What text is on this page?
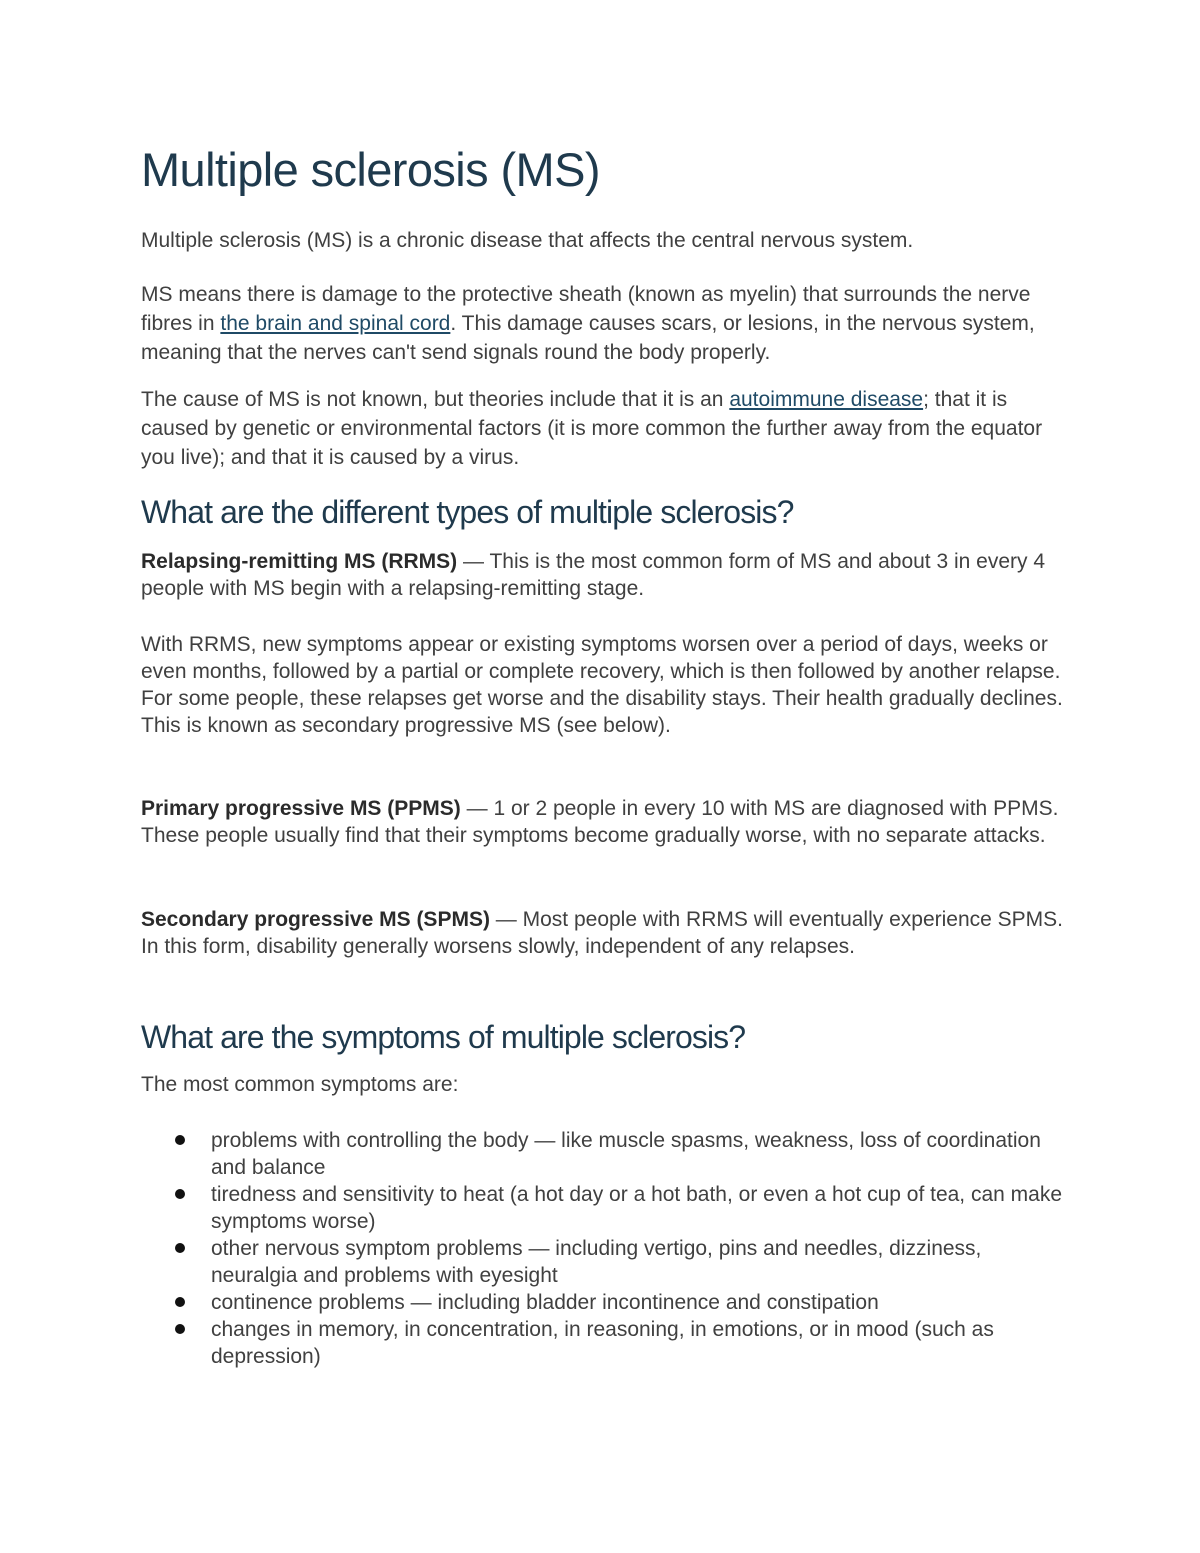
Multiple sclerosis (MS)

Multiple sclerosis (MS) is a chronic disease that affects the central nervous system.

MS means there is damage to the protective sheath (known as myelin) that surrounds the nerve fibres in the brain and spinal cord. This damage causes scars, or lesions, in the nervous system, meaning that the nerves can't send signals round the body properly.

The cause of MS is not known, but theories include that it is an autoimmune disease; that it is caused by genetic or environmental factors (it is more common the further away from the equator you live); and that it is caused by a virus.

What are the different types of multiple sclerosis?

Relapsing-remitting MS (RRMS) — This is the most common form of MS and about 3 in every 4 people with MS begin with a relapsing-remitting stage.

With RRMS, new symptoms appear or existing symptoms worsen over a period of days, weeks or even months, followed by a partial or complete recovery, which is then followed by another relapse. For some people, these relapses get worse and the disability stays. Their health gradually declines. This is known as secondary progressive MS (see below).

Primary progressive MS (PPMS) — 1 or 2 people in every 10 with MS are diagnosed with PPMS. These people usually find that their symptoms become gradually worse, with no separate attacks.

Secondary progressive MS (SPMS) — Most people with RRMS will eventually experience SPMS. In this form, disability generally worsens slowly, independent of any relapses.

What are the symptoms of multiple sclerosis?

The most common symptoms are:

problems with controlling the body — like muscle spasms, weakness, loss of coordination and balance
tiredness and sensitivity to heat (a hot day or a hot bath, or even a hot cup of tea, can make symptoms worse)
other nervous symptom problems — including vertigo, pins and needles, dizziness, neuralgia and problems with eyesight
continence problems — including bladder incontinence and constipation
changes in memory, in concentration, in reasoning, in emotions, or in mood (such as depression)
